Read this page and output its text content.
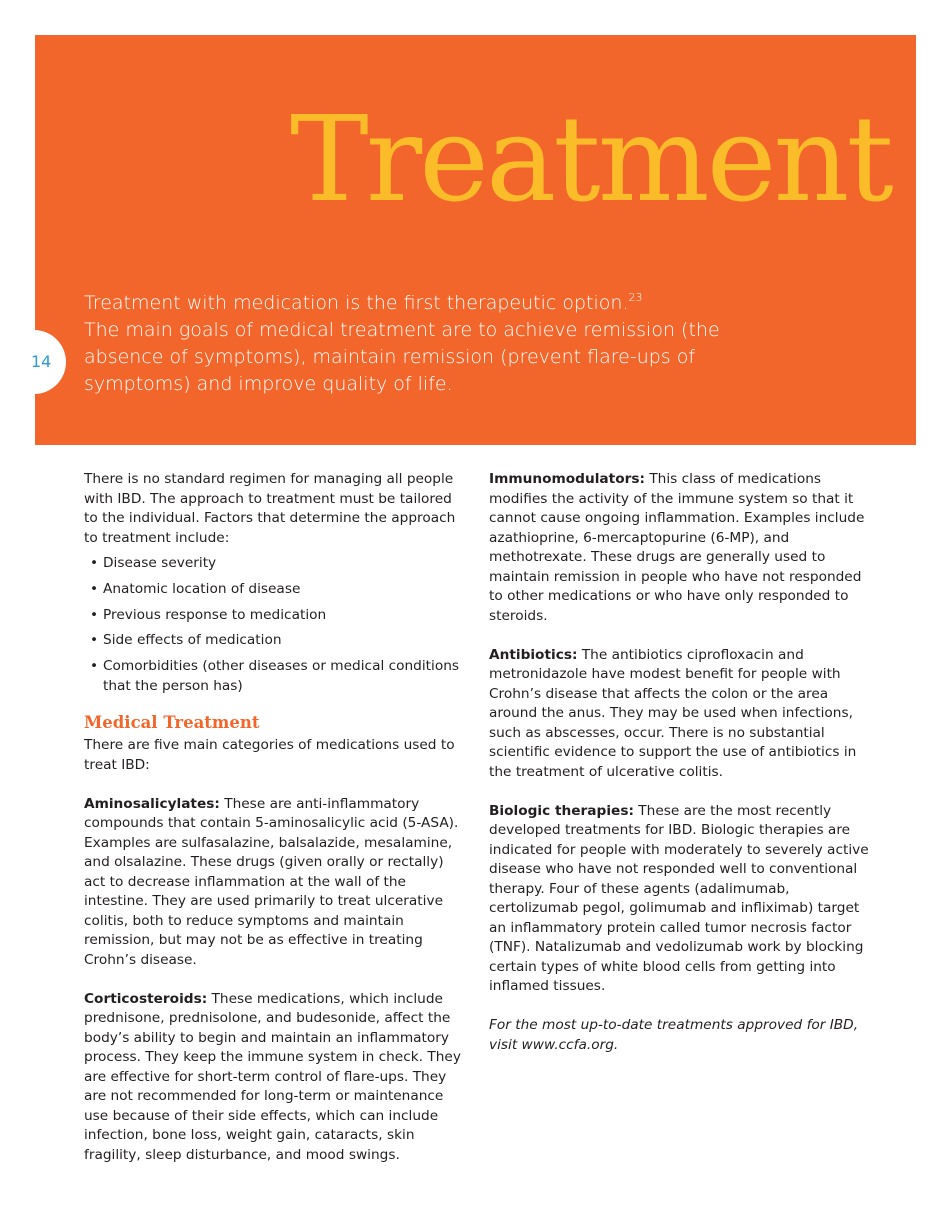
Treatment

Treatment with medication is the first therapeutic option.$^{23}$
The main goals of medical treatment are to achieve remission (the absence of symptoms), maintain remission (prevent flare-ups of symptoms) and improve quality of life.

14

There is no standard regimen for managing all people with IBD. The approach to treatment must be tailored to the individual. Factors that determine the approach to treatment include:

• Disease severity
• Anatomic location of disease
• Previous response to medication
• Side effects of medication
• Comorbidities (other diseases or medical conditions that the person has)
Medical Treatment

There are five main categories of medications used to treat IBD:

Aminosalicylates: These are anti-inflammatory compounds that contain 5-aminosalicylic acid (5-ASA). Examples are sulfasalazine, balsalazide, mesalamine, and olsalazine. These drugs (given orally or rectally) act to decrease inflammation at the wall of the intestine. They are used primarily to treat ulcerative colitis, both to reduce symptoms and maintain remission, but may not be as effective in treating Crohn’s disease.

Corticosteroids: These medications, which include prednisone, prednisolone, and budesonide, affect the body’s ability to begin and maintain an inflammatory process. They keep the immune system in check. They are effective for short-term control of flare-ups. They are not recommended for long-term or maintenance use because of their side effects, which can include infection, bone loss, weight gain, cataracts, skin fragility, sleep disturbance, and mood swings.

Immunomodulators: This class of medications modifies the activity of the immune system so that it cannot cause ongoing inflammation. Examples include azathioprine, 6-mercaptopurine (6-MP), and methotrexate. These drugs are generally used to maintain remission in people who have not responded to other medications or who have only responded to steroids.

Antibiotics: The antibiotics ciprofloxacin and metronidazole have modest benefit for people with Crohn’s disease that affects the colon or the area around the anus. They may be used when infections, such as abscesses, occur. There is no substantial scientific evidence to support the use of antibiotics in the treatment of ulcerative colitis.

Biologic therapies: These are the most recently developed treatments for IBD. Biologic therapies are indicated for people with moderately to severely active disease who have not responded well to conventional therapy. Four of these agents (adalimumab, certolizumab pegol, golimumab and infliximab) target an inflammatory protein called tumor necrosis factor (TNF). Natalizumab and vedolizumab work by blocking certain types of white blood cells from getting into inflamed tissues.

For the most up-to-date treatments approved for IBD, visit www.ccfa.org.
